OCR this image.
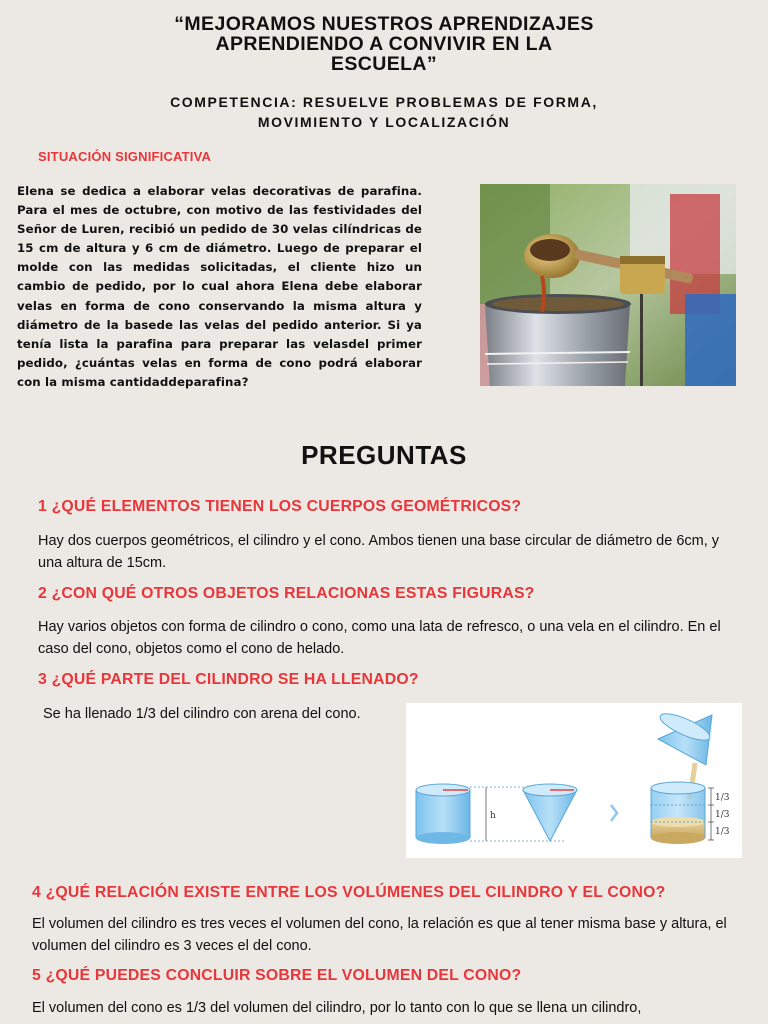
“MEJORAMOS NUESTROS APRENDIZAJES
APRENDIENDO A CONVIVIR EN LA
ESCUELA”
COMPETENCIA: RESUELVE PROBLEMAS DE FORMA,
MOVIMIENTO Y LOCALIZACIÓN
SITUACIÓN SIGNIFICATIVA
Elena se dedica a elaborar velas decorativas de parafina. Para el mes de octubre, con motivo de las festividades del Señor de Luren, recibió un pedido de 30 velas cilíndricas de 15 cm de altura y 6 cm de diámetro. Luego de preparar el molde con las medidas solicitadas, el cliente hizo un cambio de pedido, por lo cual ahora Elena debe elaborar velas en forma de cono conservando la misma altura y diámetro de la basede las velas del pedido anterior. Si ya tenía lista la parafina para preparar las velasdel primer pedido, ¿cuántas velas en forma de cono podrá elaborar con la misma cantidaddeparafina?
PREGUNTAS
1 ¿QUÉ ELEMENTOS TIENEN LOS CUERPOS GEOMÉTRICOS?
Hay dos cuerpos geométricos, el cilindro y el cono. Ambos tienen una base circular de diámetro de 6cm, y una altura de 15cm.
2 ¿CON QUÉ OTROS OBJETOS RELACIONAS ESTAS FIGURAS?
Hay varios objetos con forma de cilindro o cono, como una lata de refresco, o una vela en el cilindro. En el caso del cono, objetos como el cono de helado.
3 ¿QUÉ PARTE DEL CILINDRO SE HA LLENADO?
Se ha llenado 1/3 del cilindro con arena del cono.
h
1/3
1/3
1/3
4 ¿QUÉ RELACIÓN EXISTE ENTRE LOS VOLÚMENES DEL CILINDRO Y EL CONO?
El volumen del cilindro es tres veces el volumen del cono, la relación es que al tener misma base y altura, el volumen del cilindro es 3 veces el del cono.
5 ¿QUÉ PUEDES CONCLUIR SOBRE EL VOLUMEN DEL CONO?
El volumen del cono es 1/3 del volumen del cilindro, por lo tanto con lo que se llena un cilindro,
